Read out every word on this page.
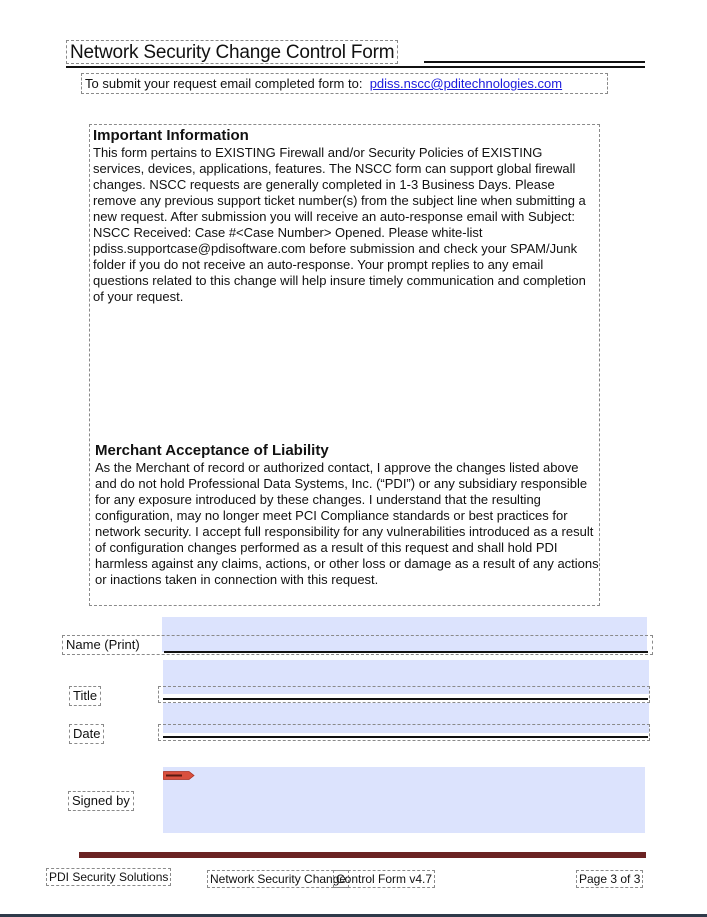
Network Security Change Control Form
To submit your request email completed form to: pdiss.nscc@pditechnologies.com
Important Information
This form pertains to EXISTING Firewall and/or Security Policies of EXISTING services, devices, applications, features. The NSCC form can support global firewall changes. NSCC requests are generally completed in 1-3 Business Days. Please remove any previous support ticket number(s) from the subject line when submitting a new request. After submission you will receive an auto-response email with Subject: NSCC Received: Case #<Case Number> Opened. Please white-list pdiss.supportcase@pdisoftware.com before submission and check your SPAM/Junk folder if you do not receive an auto-response. Your prompt replies to any email questions related to this change will help insure timely communication and completion of your request.
Merchant Acceptance of Liability
As the Merchant of record or authorized contact, I approve the changes listed above and do not hold Professional Data Systems, Inc. (“PDI”) or any subsidiary responsible for any exposure introduced by these changes. I understand that the resulting configuration, may no longer meet PCI Compliance standards or best practices for network security. I accept full responsibility for any vulnerabilities introduced as a result of configuration changes performed as a result of this request and shall hold PDI harmless against any claims, actions, or other loss or damage as a result of any actions or inactions taken in connection with this request.
Name (Print)
Title
Date
Signed by
PDI Security Solutions	Network Security Change
Control Form v4.7	Page 3 of 3
